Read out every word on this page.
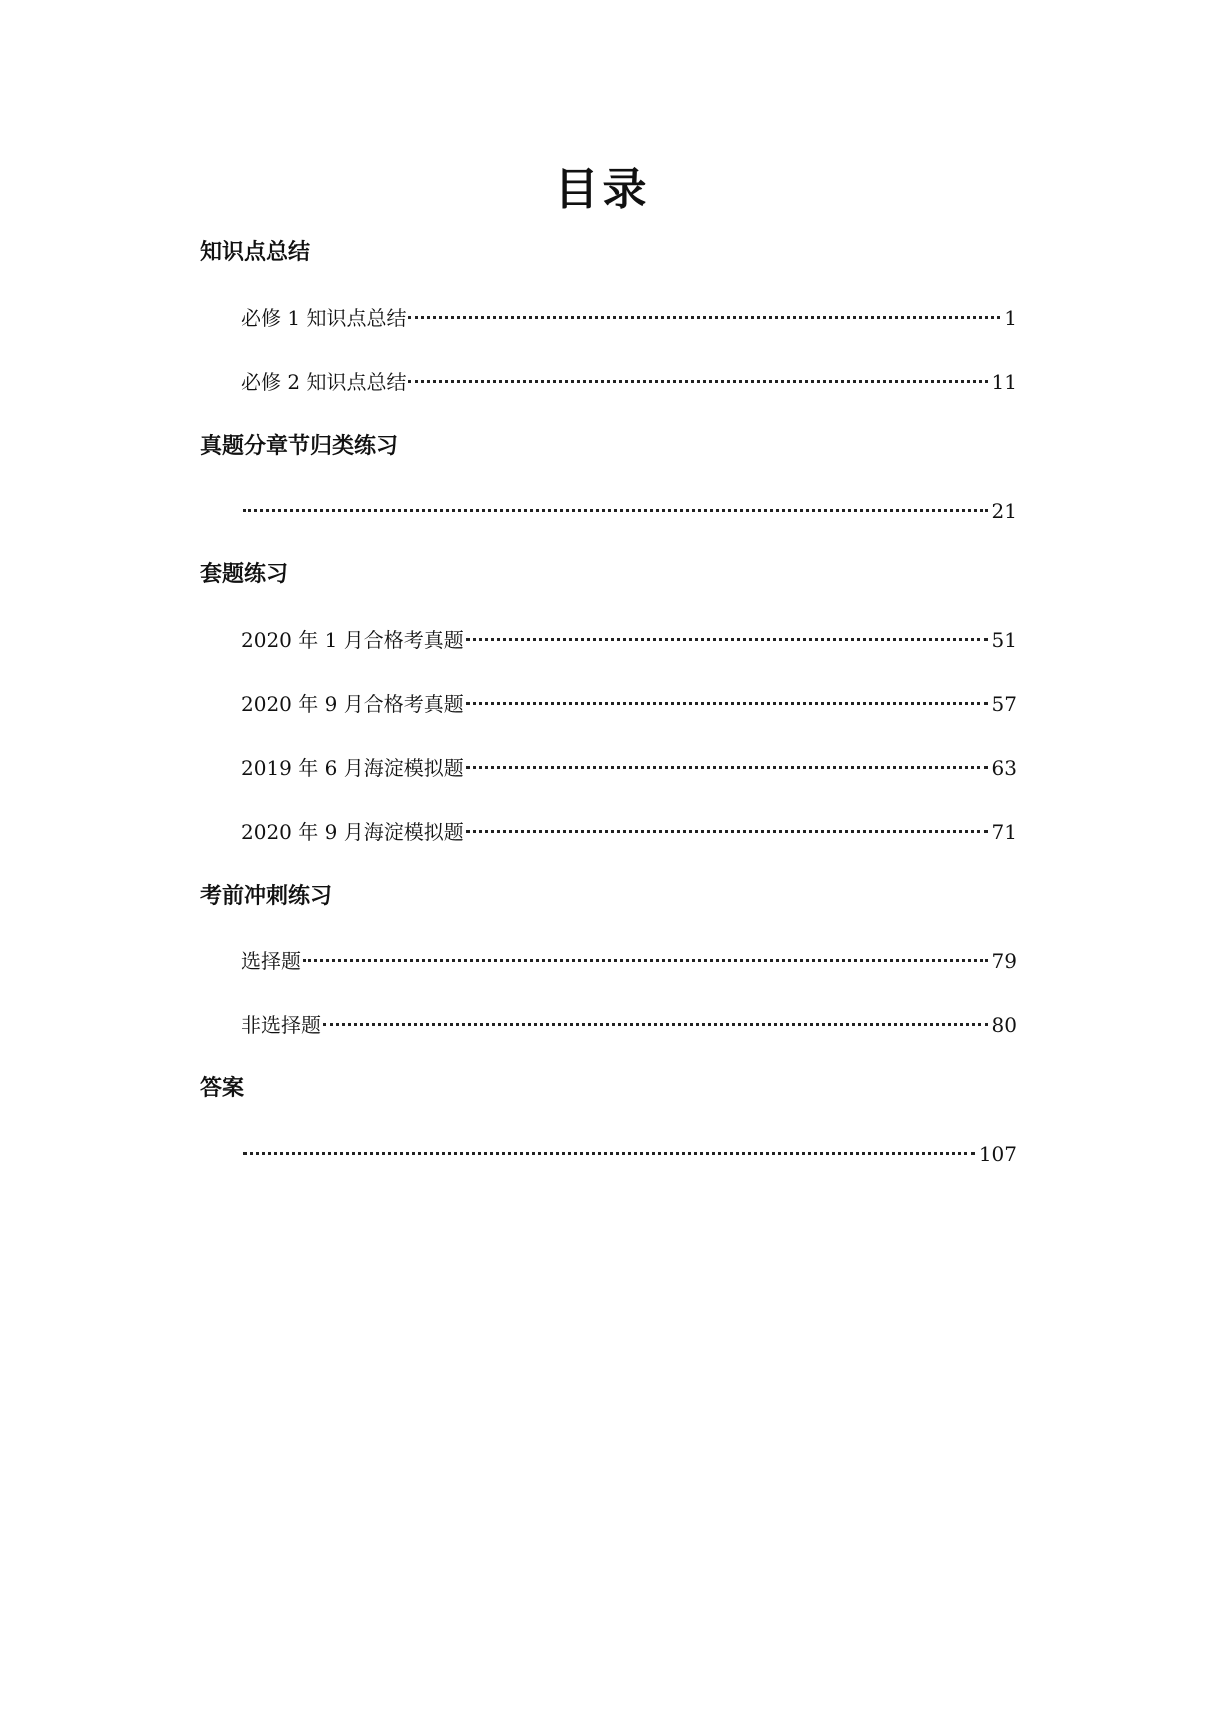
目录
知识点总结
必修 1 知识点总结	1
必修 2 知识点总结	11
真题分章节归类练习
21
套题练习
2020 年 1 月合格考真题	51
2020 年 9 月合格考真题	57
2019 年 6 月海淀模拟题	63
2020 年 9 月海淀模拟题	71
考前冲刺练习
选择题	79
非选择题	80
答案
107
